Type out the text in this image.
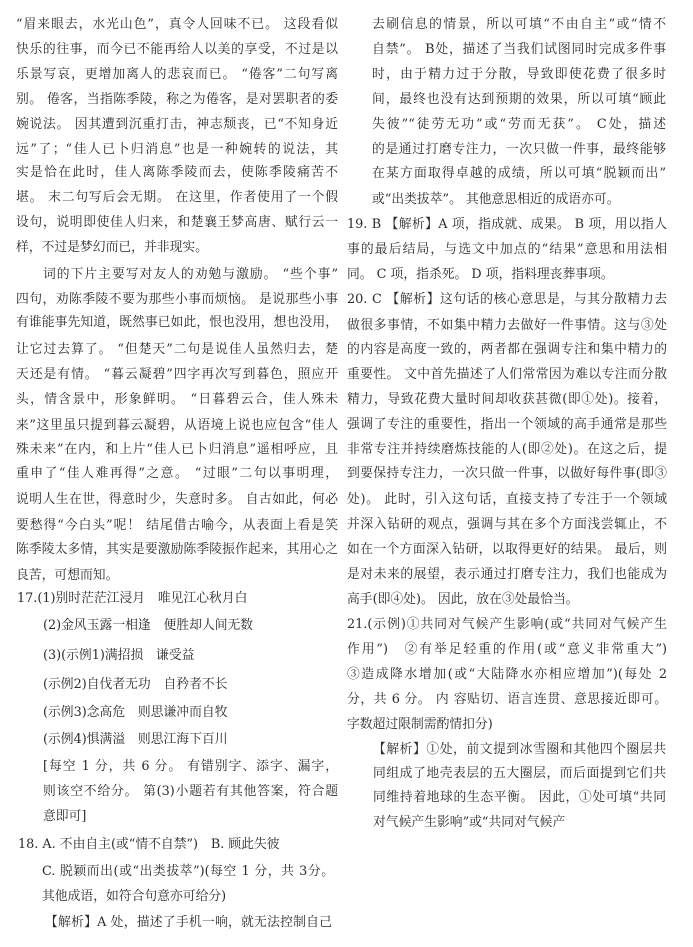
“眉来眼去，水光山色”，真令人回味不已。 这段看似
快乐的往事，而今已不能再给人以美的享受，不过是以
乐景写哀，更增加离人的悲哀而已。 “倦客”二句写离
别。 倦客，当指陈季陵，称之为倦客，是对罢职者的委
婉说法。 因其遭到沉重打击，神志颓丧，已“不知身近
远”了；“佳人已卜归消息”也是一种婉转的说法，其
实是恰在此时，佳人离陈季陵而去，使陈季陵痛苦不
堪。 末二句写后会无期。 在这里，作者使用了一个假
设句，说明即使佳人归来，和楚襄王梦高唐、赋行云一
样，不过是梦幻而已，并非现实。
词的下片主要写对友人的劝勉与激励。 “些个事”
四句，劝陈季陵不要为那些小事而烦恼。 是说那些小事
有谁能事先知道，既然事已如此，恨也没用，想也没用，
让它过去算了。 “但楚天”二句是说佳人虽然归去，楚
天还是有情。 “暮云凝碧”四字再次写到暮色，照应开
头，情含景中，形象鲜明。 “日暮碧云合，佳人殊未
来”这里虽只提到暮云凝碧，从语境上说也应包含“佳人
殊未来”在内，和上片“佳人已卜归消息”遥相呼应，且
重申了“佳人难再得”之意。 “过眼”二句以事明理，
说明人生在世，得意时少，失意时多。 自古如此，何必
要愁得“今白头”呢！ 结尾借古喻今，从表面上看是笑
陈季陵太多情，其实是要激励陈季陵振作起来，其用心之
良苦，可想而知。
17.(1)别时茫茫江浸月　唯见江心秋月白
(2)金风玉露一相逢　便胜却人间无数
(3)(示例1)满招损　谦受益
(示例2)自伐者无功　自矜者不长
(示例3)念高危　则思谦冲而自牧
(示例4)惧满溢　则思江海下百川
[每空 1 分，共 6 分。 有错别字、添字、漏字，
则该空不给分。 第(3)小题若有其他答案，符合题
意即可]
18. A. 不由自主(或“情不自禁”)　B. 顾此失彼
C. 脱颖而出(或“出类拔萃”)(每空 1 分，共 3分。
其他成语，如符合句意亦可给分)
【解析】A 处，描述了手机一响，就无法控制自己
去刷信息的情景，所以可填“不由自主”或“情不
自禁”。 B处，描述了当我们试图同时完成多件事
时，由于精力过于分散，导致即使花费了很多时
间，最终也没有达到预期的效果，所以可填“顾此
失彼”“徒劳无功”或“劳而无获”。 C处，描述
的是通过打磨专注力，一次只做一件事，最终能够
在某方面取得卓越的成绩，所以可填“脱颖而出”
或“出类拔萃”。 其他意思相近的成语亦可。
19. B 【解析】A 项，指成就、成果。 B 项，用以指人
事的最后结局，与选文中加点的“结果”意思和用法相
同。 C 项，指杀死。 D 项，指料理丧葬事项。
20. C 【解析】这句话的核心意思是，与其分散精力去
做很多事情，不如集中精力去做好一件事情。这与③处
的内容是高度一致的，两者都在强调专注和集中精力的
重要性。 文中首先描述了人们常常因为难以专注而分散
精力，导致花费大量时间却收获甚微(即①处)。接着，
强调了专注的重要性，指出一个领域的高手通常是那些
非常专注并持续磨炼技能的人(即②处)。在这之后，提
到要保持专注力，一次只做一件事，以做好每件事(即③
处)。 此时，引入这句话，直接支持了专注于一个领域
并深入钻研的观点，强调与其在多个方面浅尝辄止，不
如在一个方面深入钻研，以取得更好的结果。 最后，则
是对未来的展望，表示通过打磨专注力，我们也能成为
高手(即④处)。 因此，放在③处最恰当。
21.(示例)①共同对气候产生影响(或“共同对气候产生
作用”)　②有举足轻重的作用(或“意义非常重大”)
③造成降水增加(或“大陆降水亦相应增加”)(每处 2
分，共 6 分。 内 容贴切、语言连贯、意思接近即可。
字数超过限制需酌情扣分)
【解析】①处，前文提到冰雪圈和其他四个圈层共
同组成了地壳表层的五大圈层，而后面提到它们共
同维持着地球的生态平衡。 因此，①处可填“共同
对气候产生影响”或“共同对气候产
